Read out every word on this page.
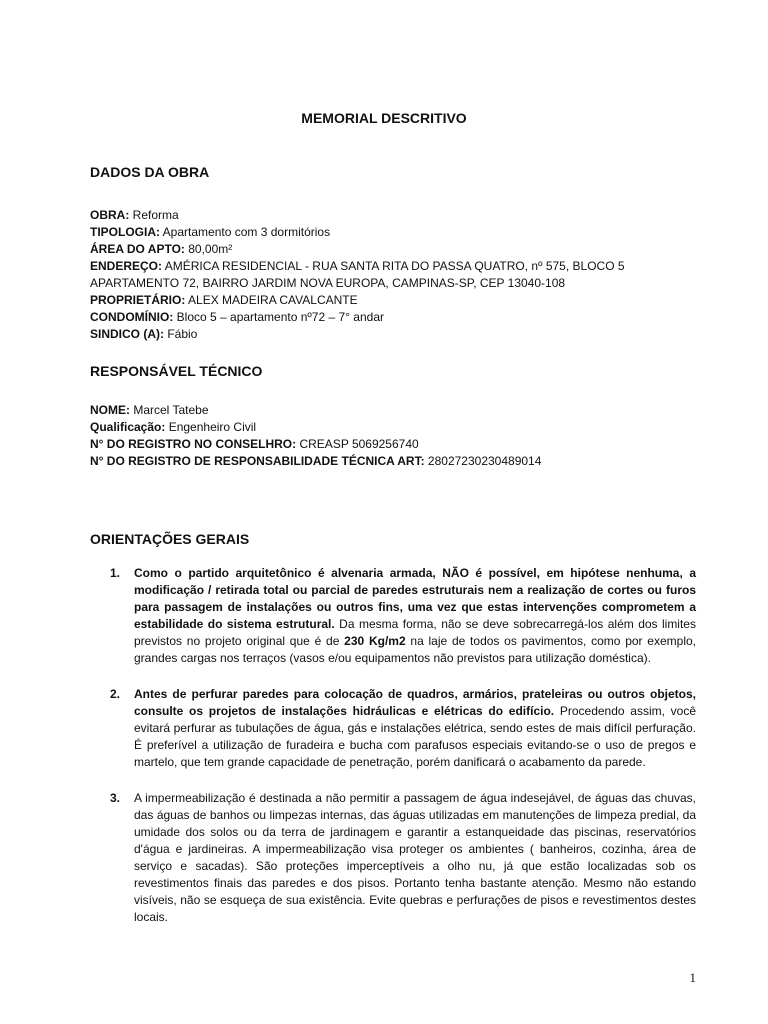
MEMORIAL DESCRITIVO
DADOS DA OBRA
OBRA: Reforma
TIPOLOGIA: Apartamento com 3 dormitórios
ÁREA DO APTO: 80,00m²
ENDEREÇO: AMÉRICA RESIDENCIAL - RUA SANTA RITA DO PASSA QUATRO, nº 575, BLOCO 5
APARTAMENTO 72, BAIRRO JARDIM NOVA EUROPA, CAMPINAS-SP, CEP 13040-108
PROPRIETÁRIO: ALEX MADEIRA CAVALCANTE
CONDOMÍNIO: Bloco 5 – apartamento nº72 – 7° andar
SINDICO (A): Fábio
RESPONSÁVEL TÉCNICO
NOME: Marcel Tatebe
Qualificação: Engenheiro Civil
N° DO REGISTRO NO CONSELHRO: CREASP 5069256740
N° DO REGISTRO DE RESPONSABILIDADE TÉCNICA ART: 28027230230489014
ORIENTAÇÕES GERAIS
1. Como o partido arquitetônico é alvenaria armada, NÃO é possível, em hipótese nenhuma, a modificação / retirada total ou parcial de paredes estruturais nem a realização de cortes ou furos para passagem de instalações ou outros fins, uma vez que estas intervenções comprometem a estabilidade do sistema estrutural. Da mesma forma, não se deve sobrecarregá-los além dos limites previstos no projeto original que é de 230 Kg/m2 na laje de todos os pavimentos, como por exemplo, grandes cargas nos terraços (vasos e/ou equipamentos não previstos para utilização doméstica).
2. Antes de perfurar paredes para colocação de quadros, armários, prateleiras ou outros objetos, consulte os projetos de instalações hidráulicas e elétricas do edifício. Procedendo assim, você evitará perfurar as tubulações de água, gás e instalações elétrica, sendo estes de mais difícil perfuração. É preferível a utilização de furadeira e bucha com parafusos especiais evitando-se o uso de pregos e martelo, que tem grande capacidade de penetração, porém danificará o acabamento da parede.
3. A impermeabilização é destinada a não permitir a passagem de água indesejável, de águas das chuvas, das águas de banhos ou limpezas internas, das águas utilizadas em manutenções de limpeza predial, da umidade dos solos ou da terra de jardinagem e garantir a estanqueidade das piscinas, reservatórios d'água e jardineiras. A impermeabilização visa proteger os ambientes ( banheiros, cozinha, área de serviço e sacadas). São proteções imperceptíveis a olho nu, já que estão localizadas sob os revestimentos finais das paredes e dos pisos. Portanto tenha bastante atenção. Mesmo não estando visíveis, não se esqueça de sua existência. Evite quebras e perfurações de pisos e revestimentos destes locais.
1
